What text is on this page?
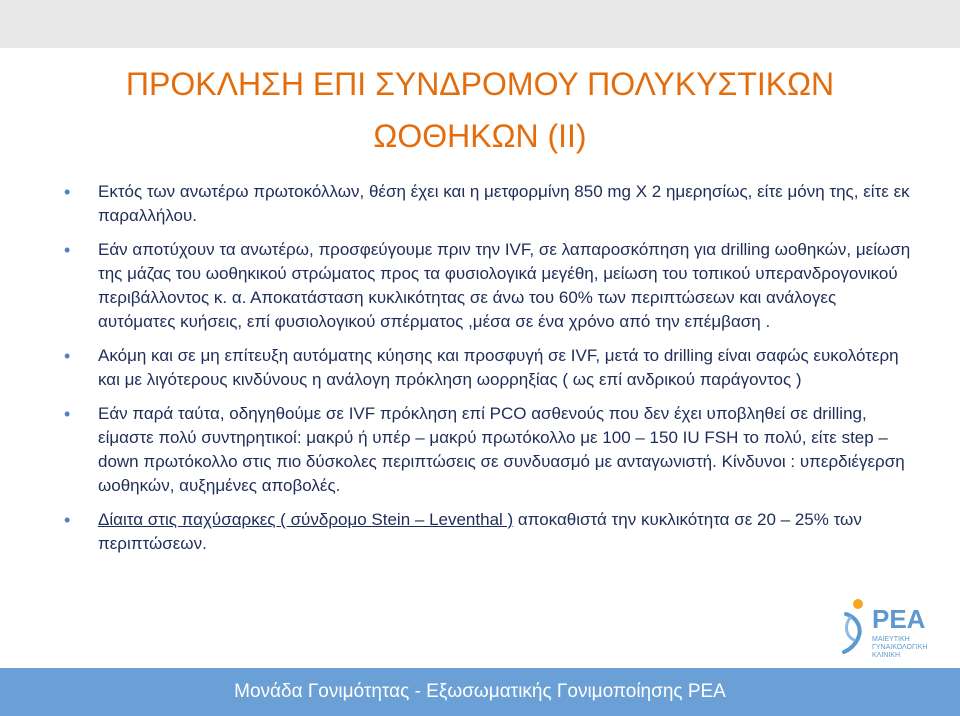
ΠΡΟΚΛΗΣΗ ΕΠΙ ΣΥΝΔΡΟΜΟΥ ΠΟΛΥΚΥΣΤΙΚΩΝ
ΩΟΘΗΚΩΝ (ΙΙ)
• Εκτός των ανωτέρω πρωτοκόλλων, θέση έχει και η μετφορμίνη 850 mg Χ 2 ημερησίως, είτε μόνη της, είτε εκ παραλλήλου.
• Εάν αποτύχουν τα ανωτέρω, προσφεύγουμε πριν την IVF, σε λαπαροσκόπηση για drilling ωοθηκών, μείωση της μάζας του ωοθηκικού στρώματος προς τα φυσιολογικά μεγέθη, μείωση του τοπικού υπερανδρογονικού περιβάλλοντος κ. α. Αποκατάσταση κυκλικότητας σε άνω του 60% των περιπτώσεων και ανάλογες αυτόματες κυήσεις, επί φυσιολογικού σπέρματος ,μέσα σε ένα χρόνο από την επέμβαση .
• Ακόμη και σε μη επίτευξη αυτόματης κύησης και προσφυγή σε IVF, μετά το drilling είναι σαφώς ευκολότερη και με λιγότερους κινδύνους η ανάλογη πρόκληση ωορρηξίας ( ως επί ανδρικού παράγοντος )
• Εάν παρά ταύτα, οδηγηθούμε σε IVF πρόκληση επί PCO ασθενούς που δεν έχει υποβληθεί σε drilling, είμαστε πολύ συντηρητικοί: μακρύ ή υπέρ – μακρύ πρωτόκολλο με 100 – 150 IU FSH το πολύ, είτε step – down πρωτόκολλο στις πιο δύσκολες περιπτώσεις σε συνδυασμό με ανταγωνιστή. Κίνδυνοι : υπερδιέγερση ωοθηκών, αυξημένες αποβολές.
• Δίαιτα στις παχύσαρκες ( σύνδρομο Stein – Leventhal ) αποκαθιστά την κυκλικότητα σε 20 – 25% των περιπτώσεων.
ΡΕΑ
ΜΑΙΕΥΤΙΚΗ ΓΥΝΑΙΚΟΛΟΓΙΚΗ ΚΛΙΝΙΚΗ
Μονάδα Γονιμότητας - Εξωσωματικής Γονιμοποίησης ΡΕΑ
